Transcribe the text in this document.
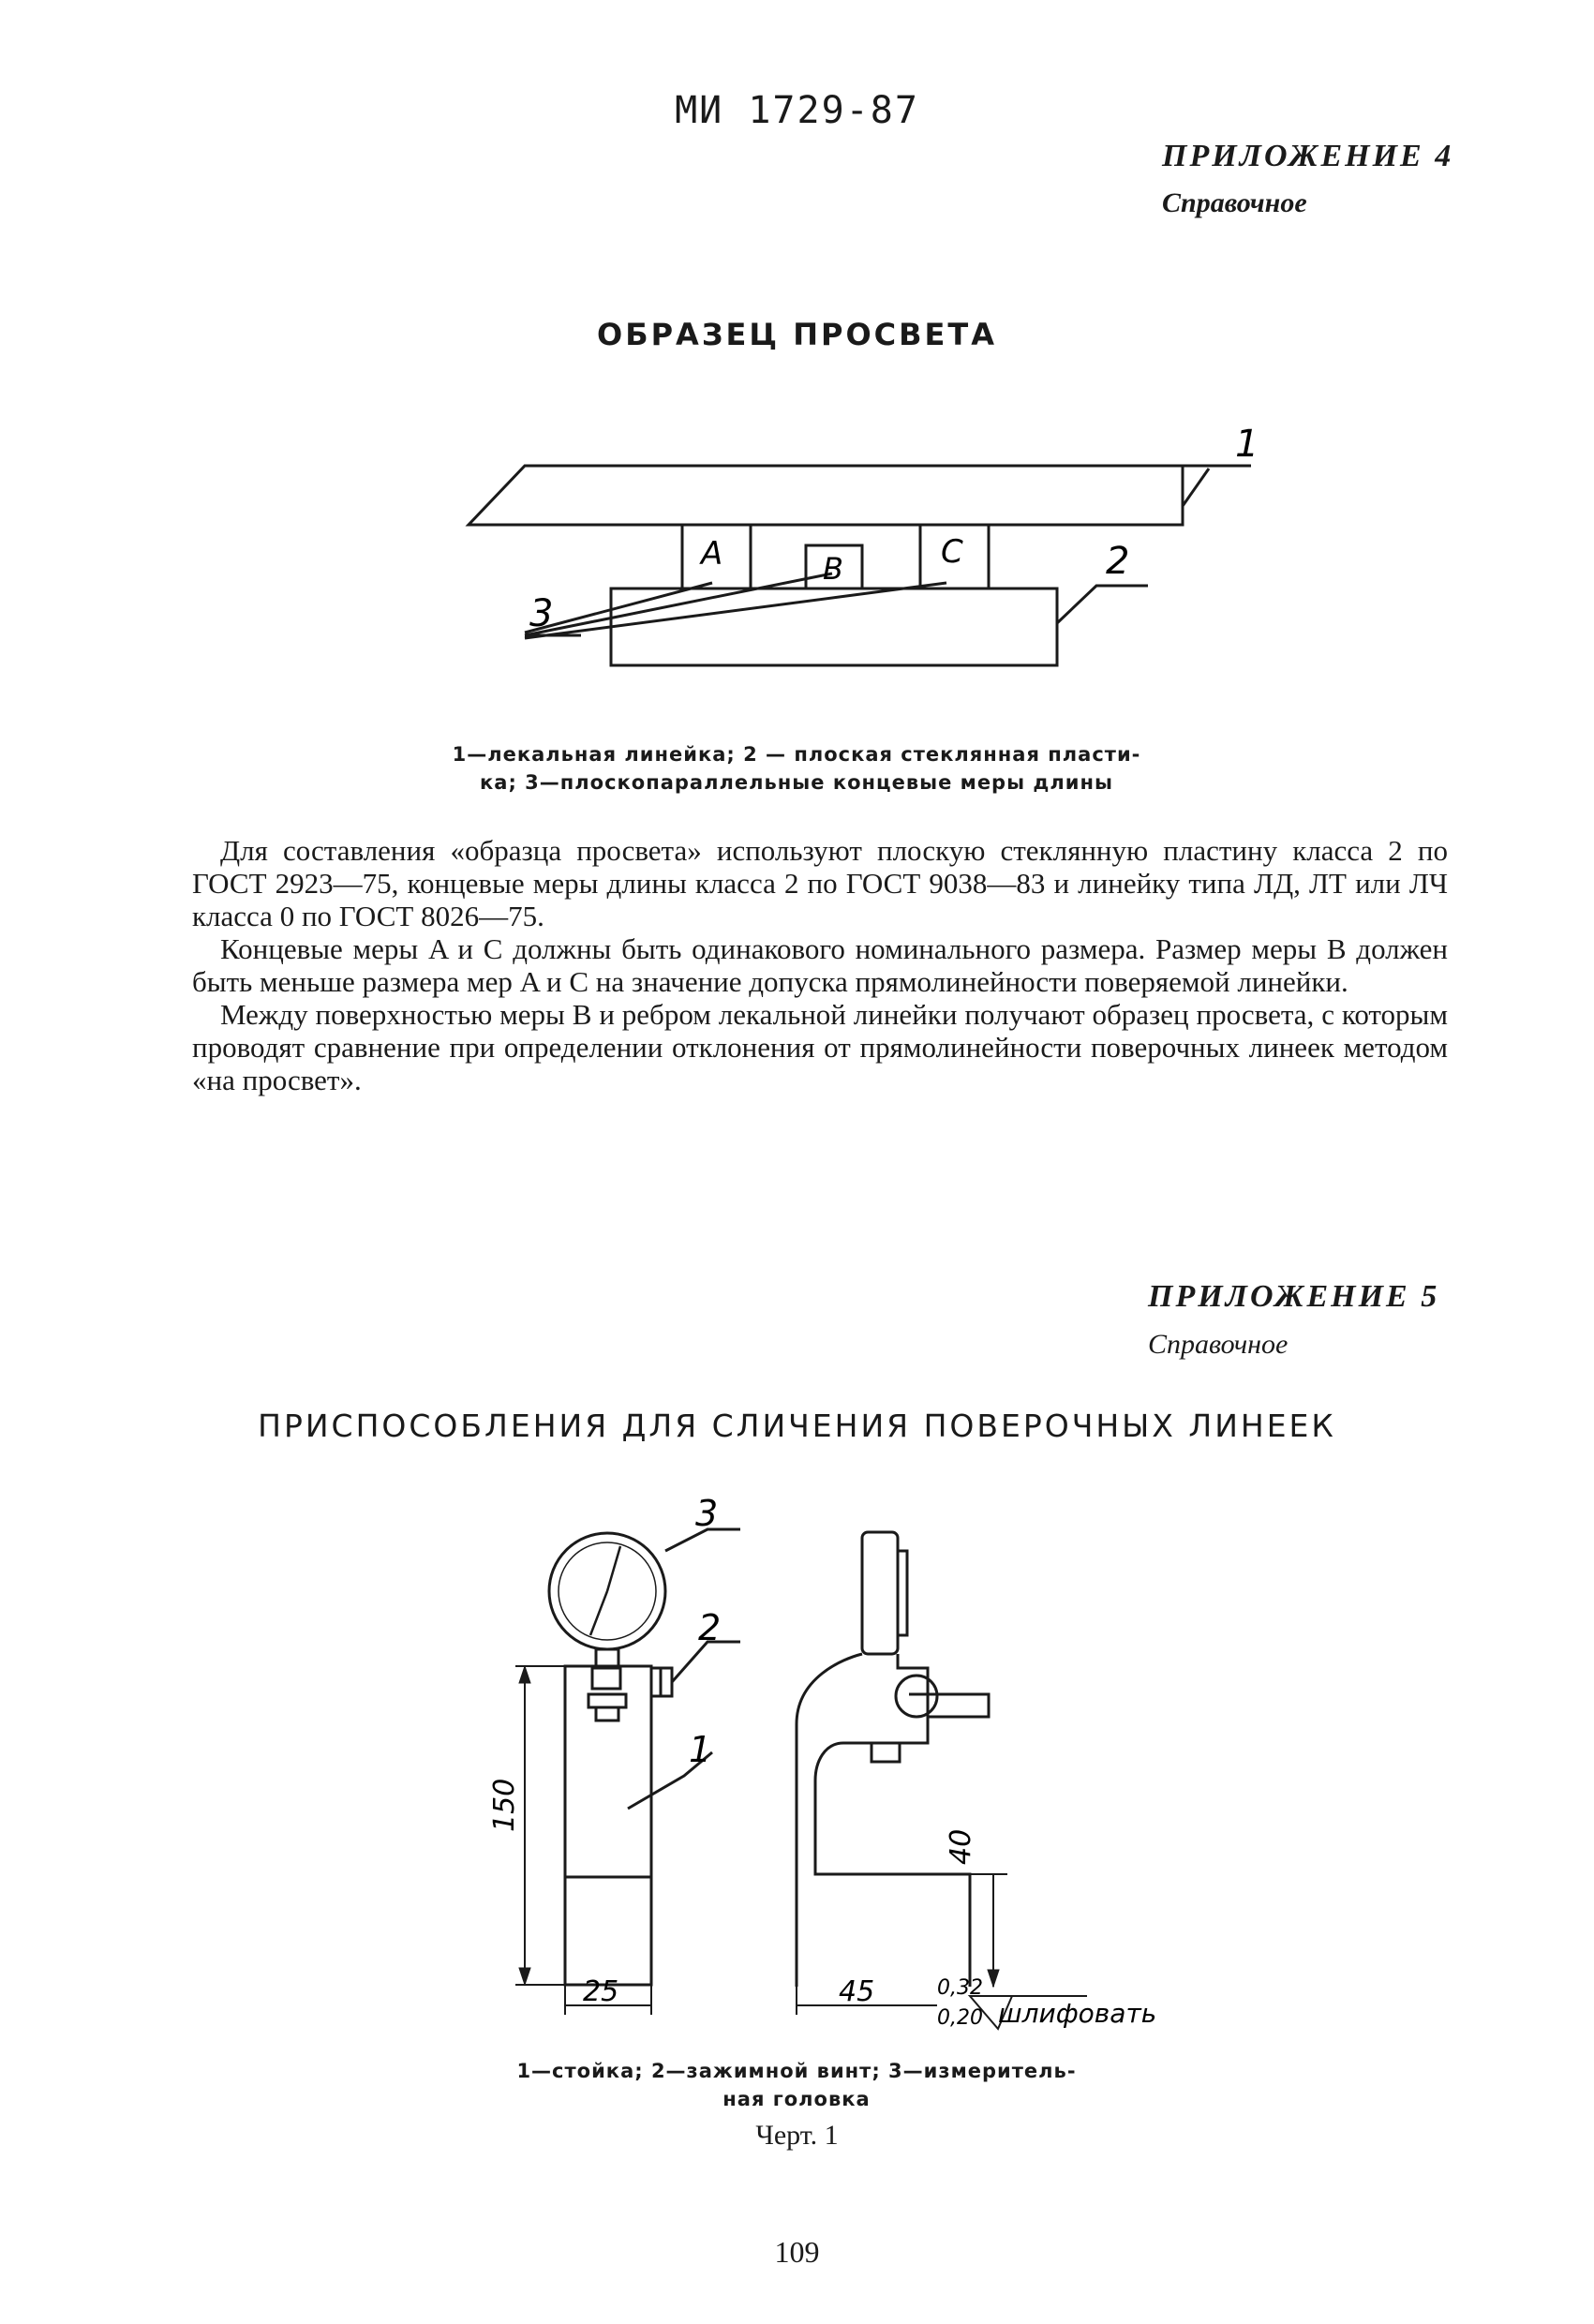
МИ 1729-87
ПРИЛОЖЕНИЕ 4
Справочное
ОБРАЗЕЦ ПРОСВЕТА
1
2
3
A	B	C
1—лекальная линейка; 2 — плоская стеклянная пласти-
ка; 3—плоскопараллельные концевые меры длины

Для составления «образца просвета» используют плоскую стеклянную пластину класса 2 по ГОСТ 2923—75, концевые меры длины класса 2 по ГОСТ 9038—83 и линейку типа ЛД, ЛТ или ЛЧ класса 0 по ГОСТ 8026—75.

Концевые меры A и C должны быть одинакового номинального размера. Размер меры B должен быть меньше размера мер A и C на значение допуска прямолинейности поверяемой линейки.

Между поверхностью меры B и ребром лекальной линейки получают образец просвета, с которым проводят сравнение при определении отклонения от прямолинейности поверочных линеек методом «на просвет».

ПРИЛОЖЕНИЕ 5
Справочное
ПРИСПОСОБЛЕНИЯ ДЛЯ СЛИЧЕНИЯ ПОВЕРОЧНЫХ ЛИНЕЕК
3
2
1
150
25
40
45	0,32
0,20 шлифовать
1—стойка; 2—зажимной винт; 3—измеритель-
ная головка
Черт. 1
109
